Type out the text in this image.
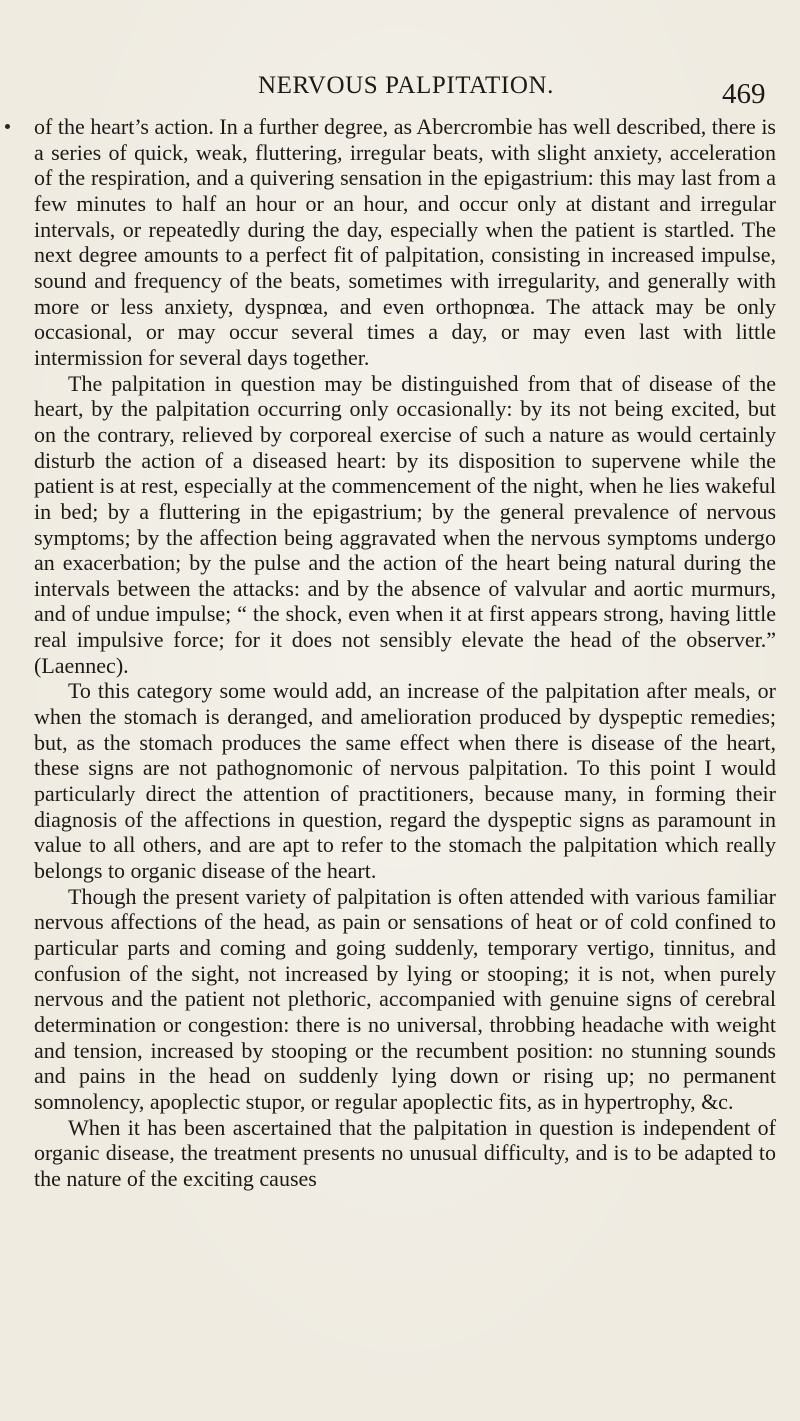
NERVOUS PALPITATION.	469

of the heart’s action. In a further degree, as Abercrombie has well described, there is a series of quick, weak, fluttering, irregular beats, with slight anxiety, acceleration of the respiration, and a quivering sensation in the epigastrium: this may last from a few minutes to half an hour or an hour, and occur only at distant and irregular intervals, or repeatedly during the day, especially when the patient is startled. The next degree amounts to a perfect fit of palpitation, consisting in increased impulse, sound and frequency of the beats, sometimes with irregularity, and generally with more or less anxiety, dyspnœa, and even orthopnœa. The attack may be only occasional, or may occur several times a day, or may even last with little intermission for several days together.

The palpitation in question may be distinguished from that of disease of the heart, by the palpitation occurring only occasionally: by its not being excited, but on the contrary, relieved by corporeal exercise of such a nature as would certainly disturb the action of a diseased heart: by its disposition to supervene while the patient is at rest, especially at the commencement of the night, when he lies wakeful in bed; by a fluttering in the epigastrium; by the general prevalence of nervous symptoms; by the affection being aggravated when the nervous symptoms undergo an exacerbation; by the pulse and the action of the heart being natural during the intervals between the attacks: and by the absence of valvular and aortic murmurs, and of undue impulse; “ the shock, even when it at first appears strong, having little real impulsive force; for it does not sensibly elevate the head of the observer.” (Laennec).

To this category some would add, an increase of the palpitation after meals, or when the stomach is deranged, and amelioration produced by dyspeptic remedies; but, as the stomach produces the same effect when there is disease of the heart, these signs are not pathognomonic of nervous palpitation. To this point I would particularly direct the attention of practitioners, because many, in forming their diagnosis of the affections in question, regard the dyspeptic signs as paramount in value to all others, and are apt to refer to the stomach the palpitation which really belongs to organic disease of the heart.

Though the present variety of palpitation is often attended with various familiar nervous affections of the head, as pain or sensations of heat or of cold confined to particular parts and coming and going suddenly, temporary vertigo, tinnitus, and confusion of the sight, not increased by lying or stooping; it is not, when purely nervous and the patient not plethoric, accompanied with genuine signs of cerebral determination or congestion: there is no universal, throbbing headache with weight and tension, increased by stooping or the recumbent position: no stunning sounds and pains in the head on suddenly lying down or rising up; no permanent somnolency, apoplectic stupor, or regular apoplectic fits, as in hypertrophy, &c.

When it has been ascertained that the palpitation in question is independent of organic disease, the treatment presents no unusual difficulty, and is to be adapted to the nature of the exciting causes
